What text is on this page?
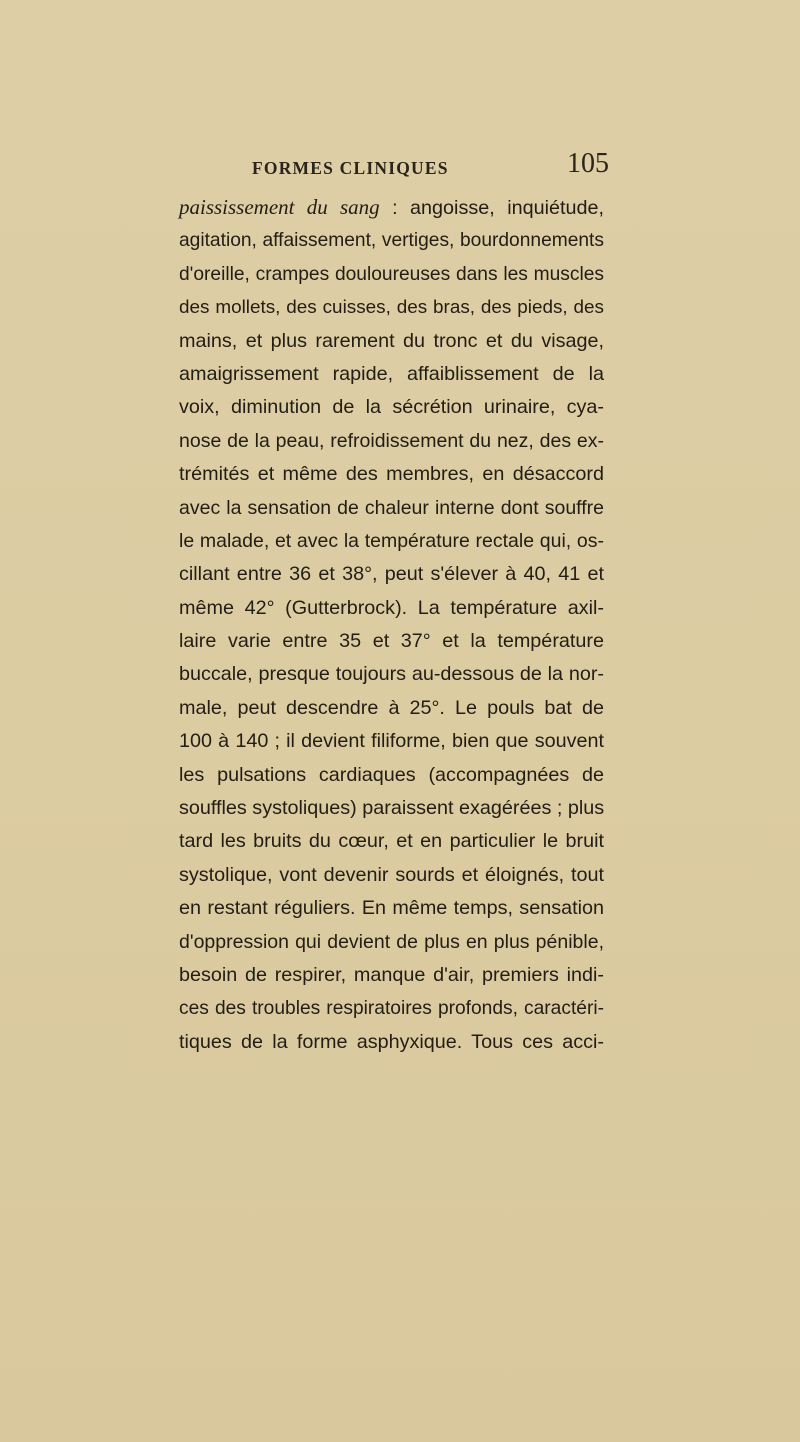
FORMES CLINIQUES	105
paississement du sang : angoisse, inquiétude,
agitation, affaissement, vertiges, bourdonnements
d'oreille, crampes douloureuses dans les muscles
des mollets, des cuisses, des bras, des pieds, des
mains, et plus rarement du tronc et du visage,
amaigrissement rapide, affaiblissement de la
voix, diminution de la sécrétion urinaire, cya-
nose de la peau, refroidissement du nez, des ex-
trémités et même des membres, en désaccord
avec la sensation de chaleur interne dont souffre
le malade, et avec la température rectale qui, os-
cillant entre 36 et 38°, peut s'élever à 40, 41 et
même 42° (Gutterbrock). La température axil-
laire varie entre 35 et 37° et la température
buccale, presque toujours au-dessous de la nor-
male, peut descendre à 25°. Le pouls bat de
100 à 140 ; il devient filiforme, bien que souvent
les pulsations cardiaques (accompagnées de
souffles systoliques) paraissent exagérées ; plus
tard les bruits du cœur, et en particulier le bruit
systolique, vont devenir sourds et éloignés, tout
en restant réguliers. En même temps, sensation
d'oppression qui devient de plus en plus pénible,
besoin de respirer, manque d'air, premiers indi-
ces des troubles respiratoires profonds, caractéri-
tiques de la forme asphyxique. Tous ces acci-
